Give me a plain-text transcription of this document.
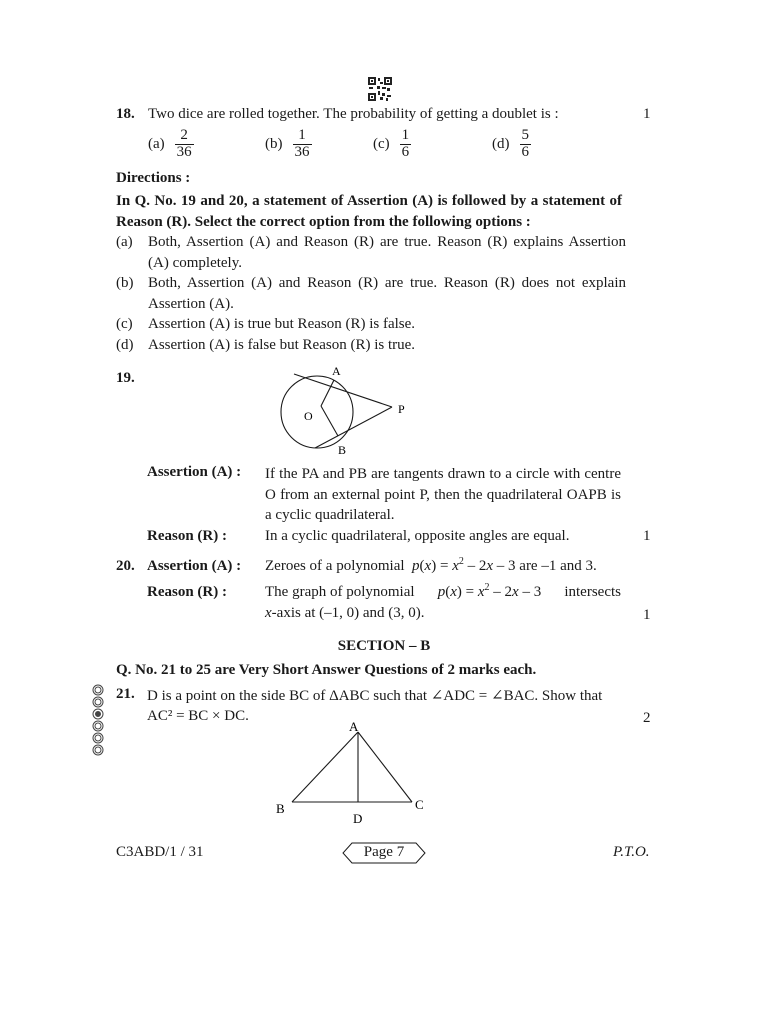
18. Two dice are rolled together. The probability of getting a doublet is :	1
$(a) \frac{2}{36}$	$(b) \frac{1}{36}$	$(c) \frac{1}{6}$	$(d) \frac{5}{6}$
Directions :
In Q. No. 19 and 20, a statement of Assertion (A) is followed by a statement of Reason (R). Select the correct option from the following options :
(a) Both, Assertion (A) and Reason (R) are true. Reason (R) explains Assertion (A) completely.
(b) Both, Assertion (A) and Reason (R) are true. Reason (R) does not explain Assertion (A).
(c) Assertion (A) is true but Reason (R) is false.
(d) Assertion (A) is false but Reason (R) is true.
19.	A
O	P
B
Assertion (A) : If the PA and PB are tangents drawn to a circle with centre O from an external point P, then the quadrilateral OAPB is a cyclic quadrilateral.
Reason (R) :	In a cyclic quadrilateral, opposite angles are equal.	1
20. Assertion (A) : Zeroes of a polynomial  $p(x) = x^2 - 2x - 3$ are –1 and 3.
Reason (R) :	The graph of polynomial $p(x) = x^2 - 2x - 3$ intersects
x-axis at (–1, 0) and (3, 0).	1
SECTION – B
Q. No. 21 to 25 are Very Short Answer Questions of 2 marks each.
21. D is a point on the side BC of ΔABC such that ∠ADC = ∠BAC. Show that
AC² = BC × DC.	2
A
B	C
D
C3ABD/1 / 31	Page 7	P.T.O.
